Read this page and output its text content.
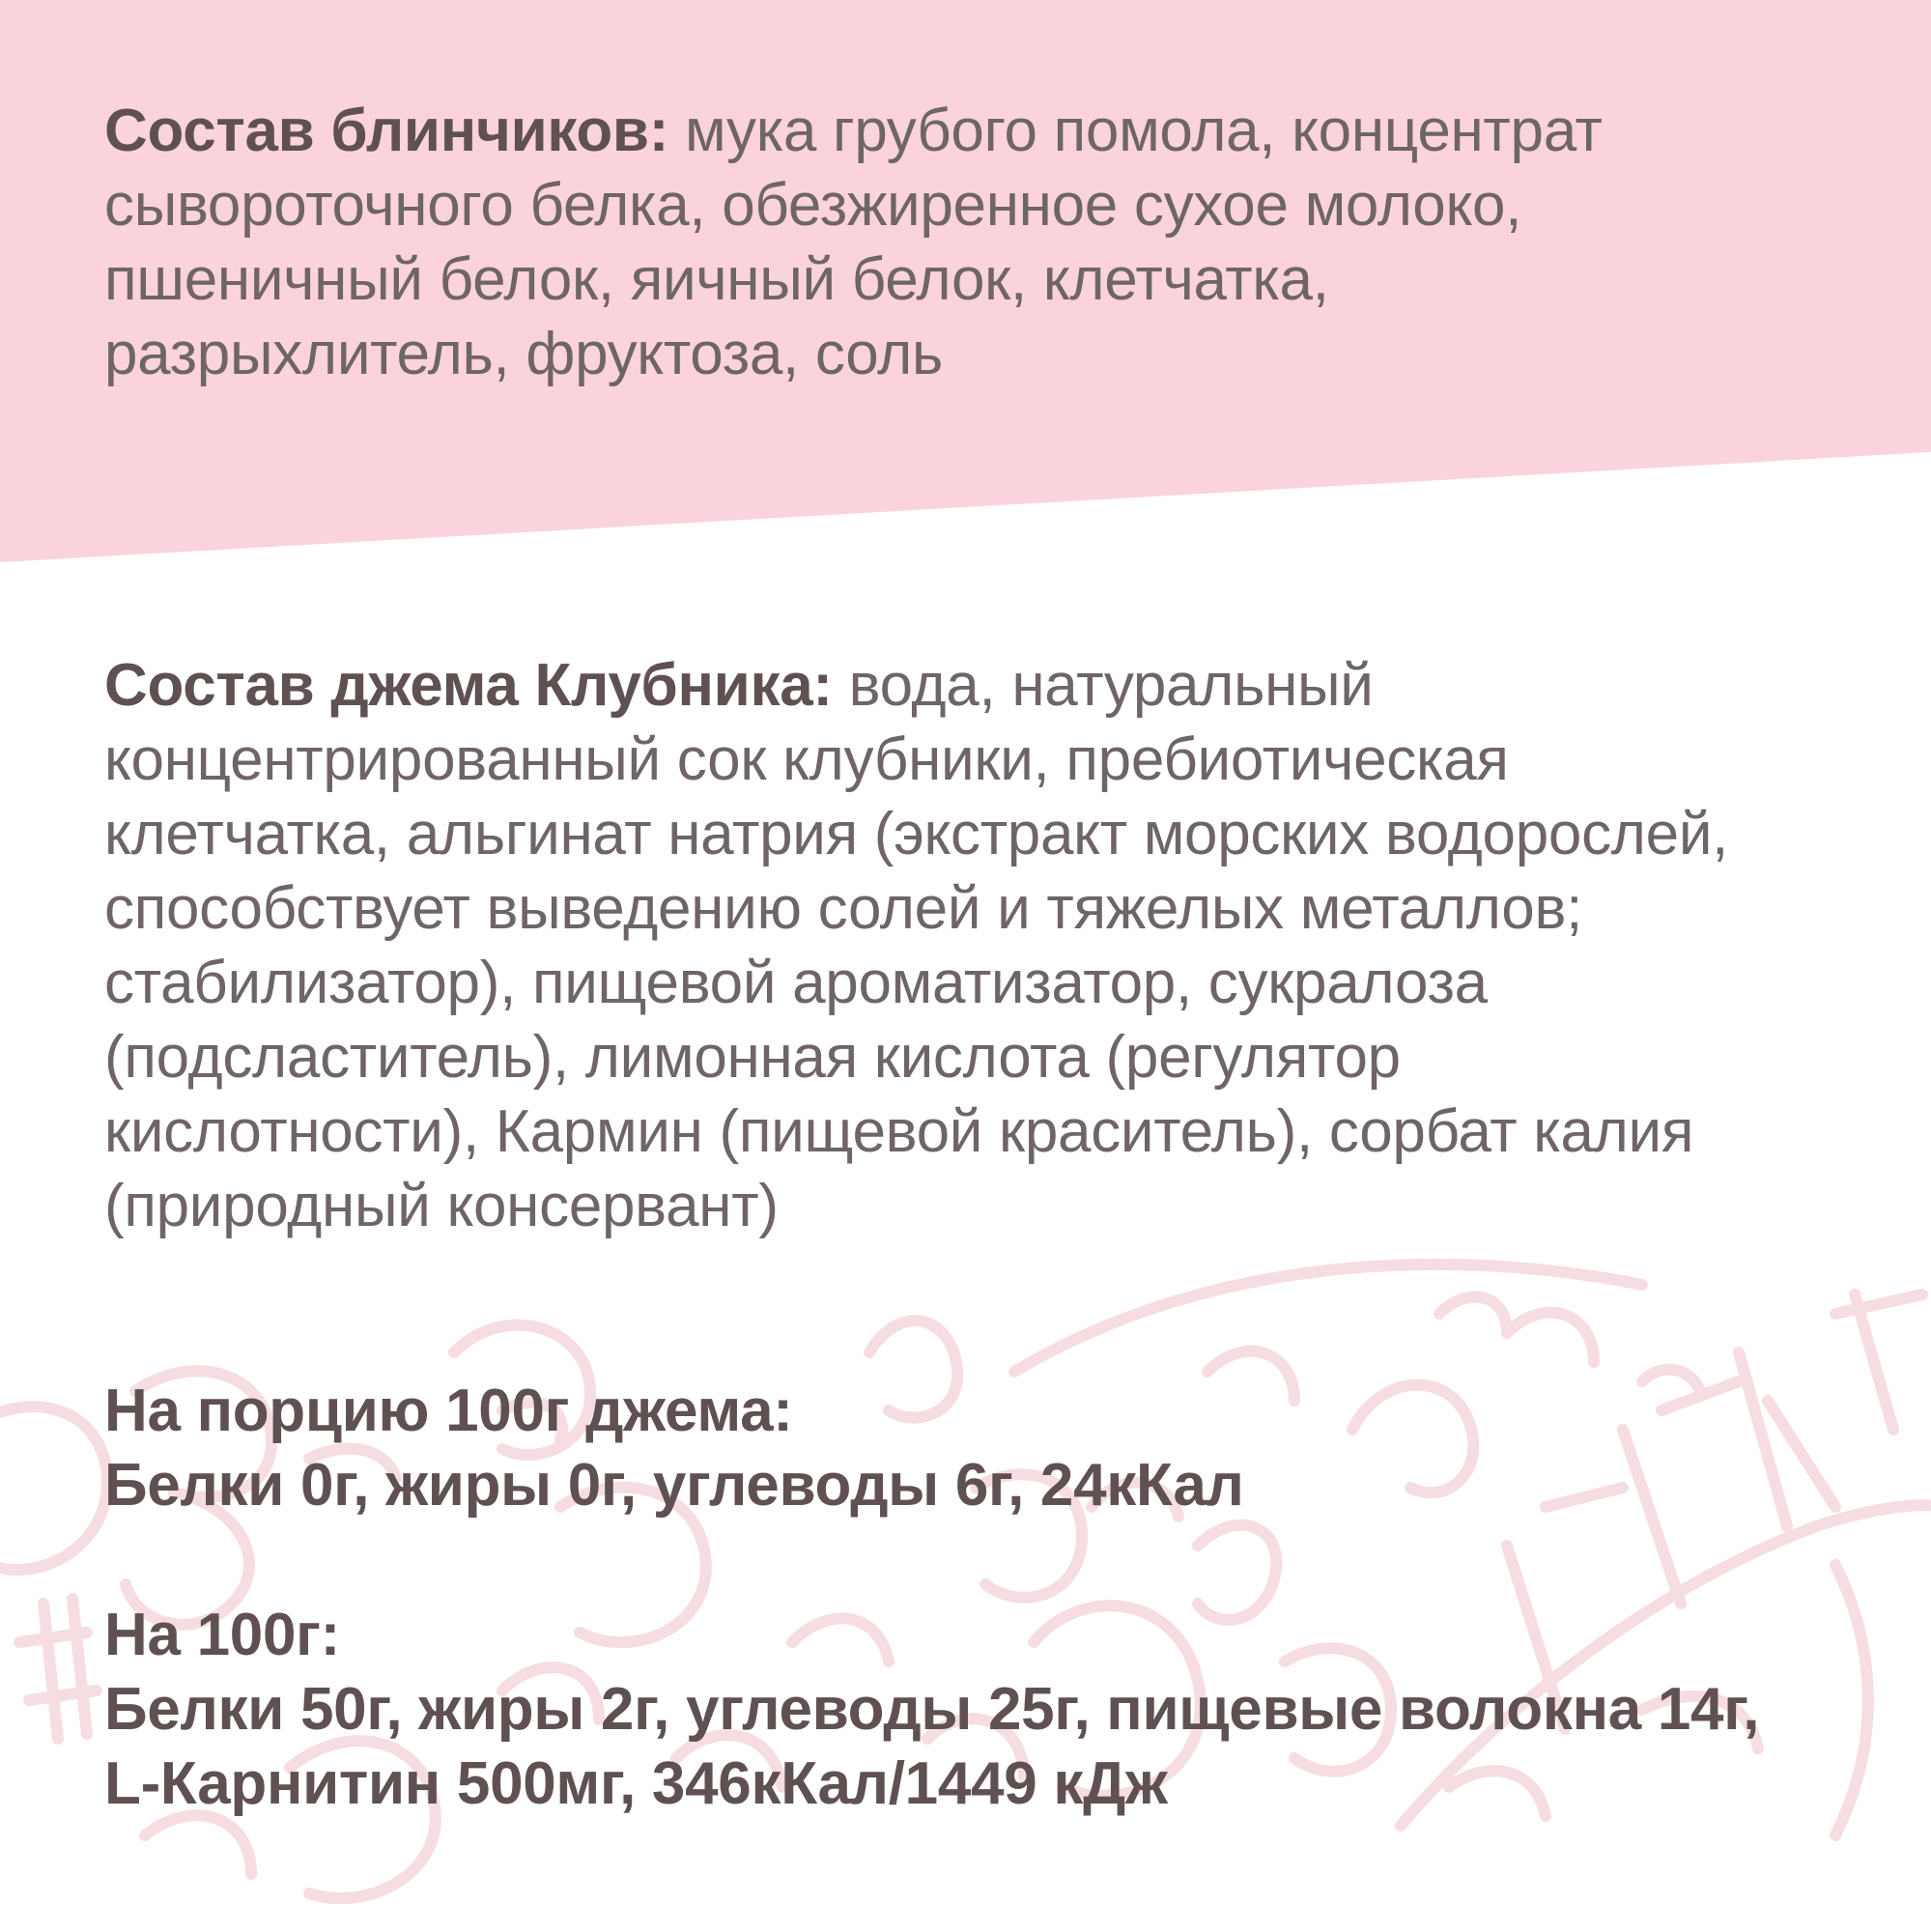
Состав блинчиков: мука грубого помола, концентрат
сывороточного белка, обезжиренное сухое молоко,
пшеничный белок, яичный белок, клетчатка,
разрыхлитель, фруктоза, соль
Состав джема Клубника: вода, натуральный
концентрированный сок клубники, пребиотическая
клетчатка, альгинат натрия (экстракт морских водорослей,
способствует выведению солей и тяжелых металлов;
стабилизатор), пищевой ароматизатор, сукралоза
(подсластитель), лимонная кислота (регулятор
кислотности), Кармин (пищевой краситель), сорбат калия
(природный консервант)
На порцию 100г джема:
Белки 0г, жиры 0г, углеводы 6г, 24кКал
На 100г:
Белки 50г, жиры 2г, углеводы 25г, пищевые волокна 14г,
L-Карнитин 500мг, 346кКал/1449 кДж
